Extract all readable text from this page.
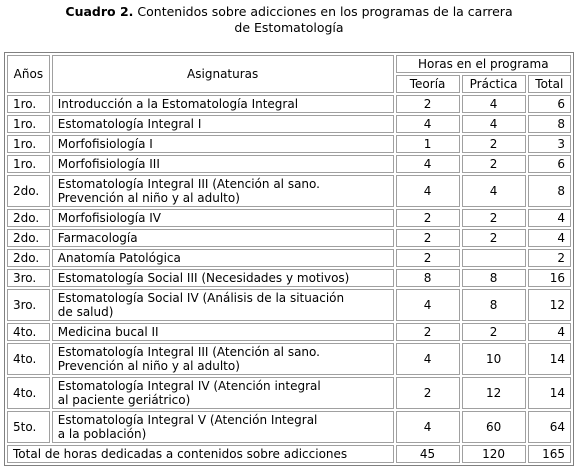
Cuadro 2. Contenidos sobre adicciones en los programas de la carrera
de Estomatología
Años	Asignaturas	Horas en el programa		
		Teoría	Práctica	Total
1ro.	Introducción a la Estomatología Integral	2	4	6
1ro.	Estomatología Integral I	4	4	8
1ro.	Morfofisiología I	1	2	3
1ro.	Morfofisiología III	4	2	6
2do.	Estomatología Integral III (Atención al sano.
Prevención al niño y al adulto)	4	4	8
2do.	Morfofisiología IV	2	2	4
2do.	Farmacología	2	2	4
2do.	Anatomía Patológica	2		2
3ro.	Estomatología Social III (Necesidades y motivos)	8	8	16
3ro.	Estomatología Social IV (Análisis de la situación
de salud)	4	8	12
4to.	Medicina bucal II	2	2	4
4to.	Estomatología Integral III (Atención al sano.
Prevención al niño y al adulto)	4	10	14
4to.	Estomatología Integral IV (Atención integral
al paciente geriátrico)	2	12	14
5to.	Estomatología Integral V (Atención Integral
a la población)	4	60	64
Total de horas dedicadas a contenidos sobre adicciones		45	120	165
